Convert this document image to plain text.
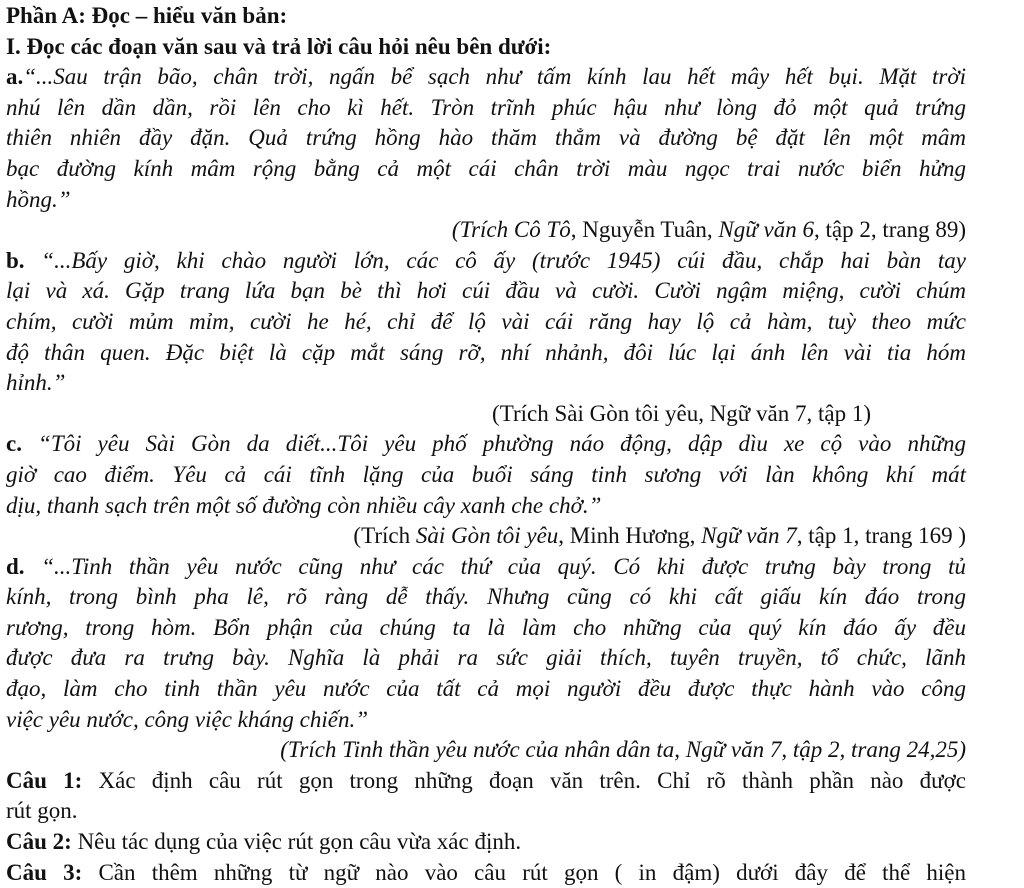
Phần A: Đọc – hiểu văn bản:
I. Đọc các đoạn văn sau và trả lời câu hỏi nêu bên dưới:
a.“...Sau trận bão, chân trời, ngấn bể sạch như tấm kính lau hết mây hết bụi. Mặt trời
nhú lên dần dần, rồi lên cho kì hết. Tròn trĩnh phúc hậu như lòng đỏ một quả trứng
thiên nhiên đầy đặn. Quả trứng hồng hào thăm thẳm và đường bệ đặt lên một mâm
bạc đường kính mâm rộng bằng cả một cái chân trời màu ngọc trai nước biển hửng
hồng.”
(Trích Cô Tô, Nguyễn Tuân, Ngữ văn 6, tập 2, trang 89)
b. “...Bấy giờ, khi chào người lớn, các cô ấy (trước 1945) cúi đầu, chắp hai bàn tay
lại và xá. Gặp trang lứa bạn bè thì hơi cúi đầu và cười. Cười ngậm miệng, cười chúm
chím, cười mủm mỉm, cười he hé, chỉ để lộ vài cái răng hay lộ cả hàm, tuỳ theo mức
độ thân quen. Đặc biệt là cặp mắt sáng rỡ, nhí nhảnh, đôi lúc lại ánh lên vài tia hóm
hỉnh.”
(Trích Sài Gòn tôi yêu, Ngữ văn 7, tập 1)
c. “Tôi yêu Sài Gòn da diết...Tôi yêu phố phường náo động, dập dìu xe cộ vào những
giờ cao điểm. Yêu cả cái tĩnh lặng của buổi sáng tinh sương với làn không khí mát
dịu, thanh sạch trên một số đường còn nhiều cây xanh che chở.”
(Trích Sài Gòn tôi yêu, Minh Hương, Ngữ văn 7, tập 1, trang 169 )
d. “...Tinh thần yêu nước cũng như các thứ của quý. Có khi được trưng bày trong tủ
kính, trong bình pha lê, rõ ràng dễ thấy. Nhưng cũng có khi cất giấu kín đáo trong
rương, trong hòm. Bổn phận của chúng ta là làm cho những của quý kín đáo ấy đều
được đưa ra trưng bày. Nghĩa là phải ra sức giải thích, tuyên truyền, tổ chức, lãnh
đạo, làm cho tinh thần yêu nước của tất cả mọi người đều được thực hành vào công
việc yêu nước, công việc kháng chiến.”
(Trích Tinh thần yêu nước của nhân dân ta, Ngữ văn 7, tập 2, trang 24,25)
Câu 1: Xác định câu rút gọn trong những đoạn văn trên. Chỉ rõ thành phần nào được
rút gọn.
Câu 2: Nêu tác dụng của việc rút gọn câu vừa xác định.
Câu 3: Cần thêm những từ ngữ nào vào câu rút gọn ( in đậm) dưới đây để thể hiện
